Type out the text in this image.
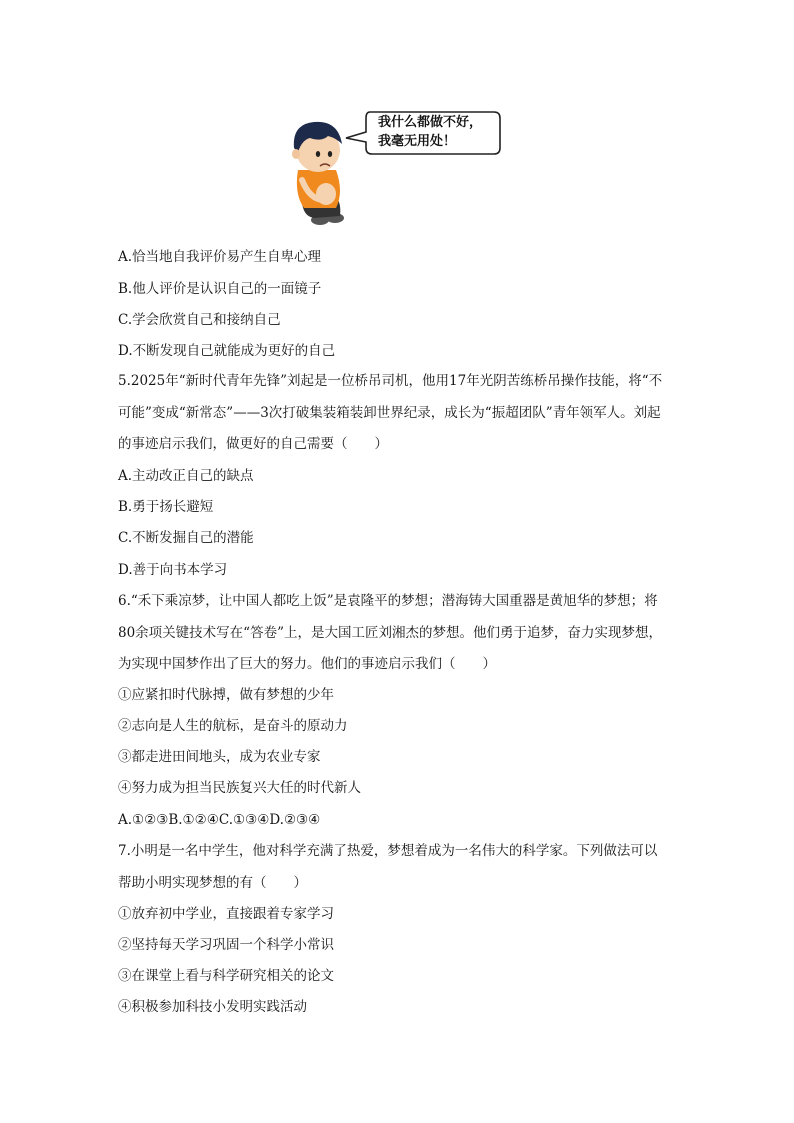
我什么都做不好，
我毫无用处！
A.恰当地自我评价易产生自卑心理
B.他人评价是认识自己的一面镜子
C.学会欣赏自己和接纳自己
D.不断发现自己就能成为更好的自己
5.2025年“新时代青年先锋”刘起是一位桥吊司机，他用17年光阴苦练桥吊操作技能，将“不
可能”变成“新常态”——3次打破集装箱装卸世界纪录，成长为“振超团队”青年领军人。刘起
的事迹启示我们，做更好的自己需要（　　）
A.主动改正自己的缺点
B.勇于扬长避短
C.不断发掘自己的潜能
D.善于向书本学习
6.“禾下乘凉梦，让中国人都吃上饭”是袁隆平的梦想；潜海铸大国重器是黄旭华的梦想；将
80余项关键技术写在“答卷”上，是大国工匠刘湘杰的梦想。他们勇于追梦，奋力实现梦想，
为实现中国梦作出了巨大的努力。他们的事迹启示我们（　　）
①应紧扣时代脉搏，做有梦想的少年
②志向是人生的航标，是奋斗的原动力
③都走进田间地头，成为农业专家
④努力成为担当民族复兴大任的时代新人
A.①②③B.①②④C.①③④D.②③④
7.小明是一名中学生，他对科学充满了热爱，梦想着成为一名伟大的科学家。下列做法可以
帮助小明实现梦想的有（　　）
①放弃初中学业，直接跟着专家学习
②坚持每天学习巩固一个科学小常识
③在课堂上看与科学研究相关的论文
④积极参加科技小发明实践活动
